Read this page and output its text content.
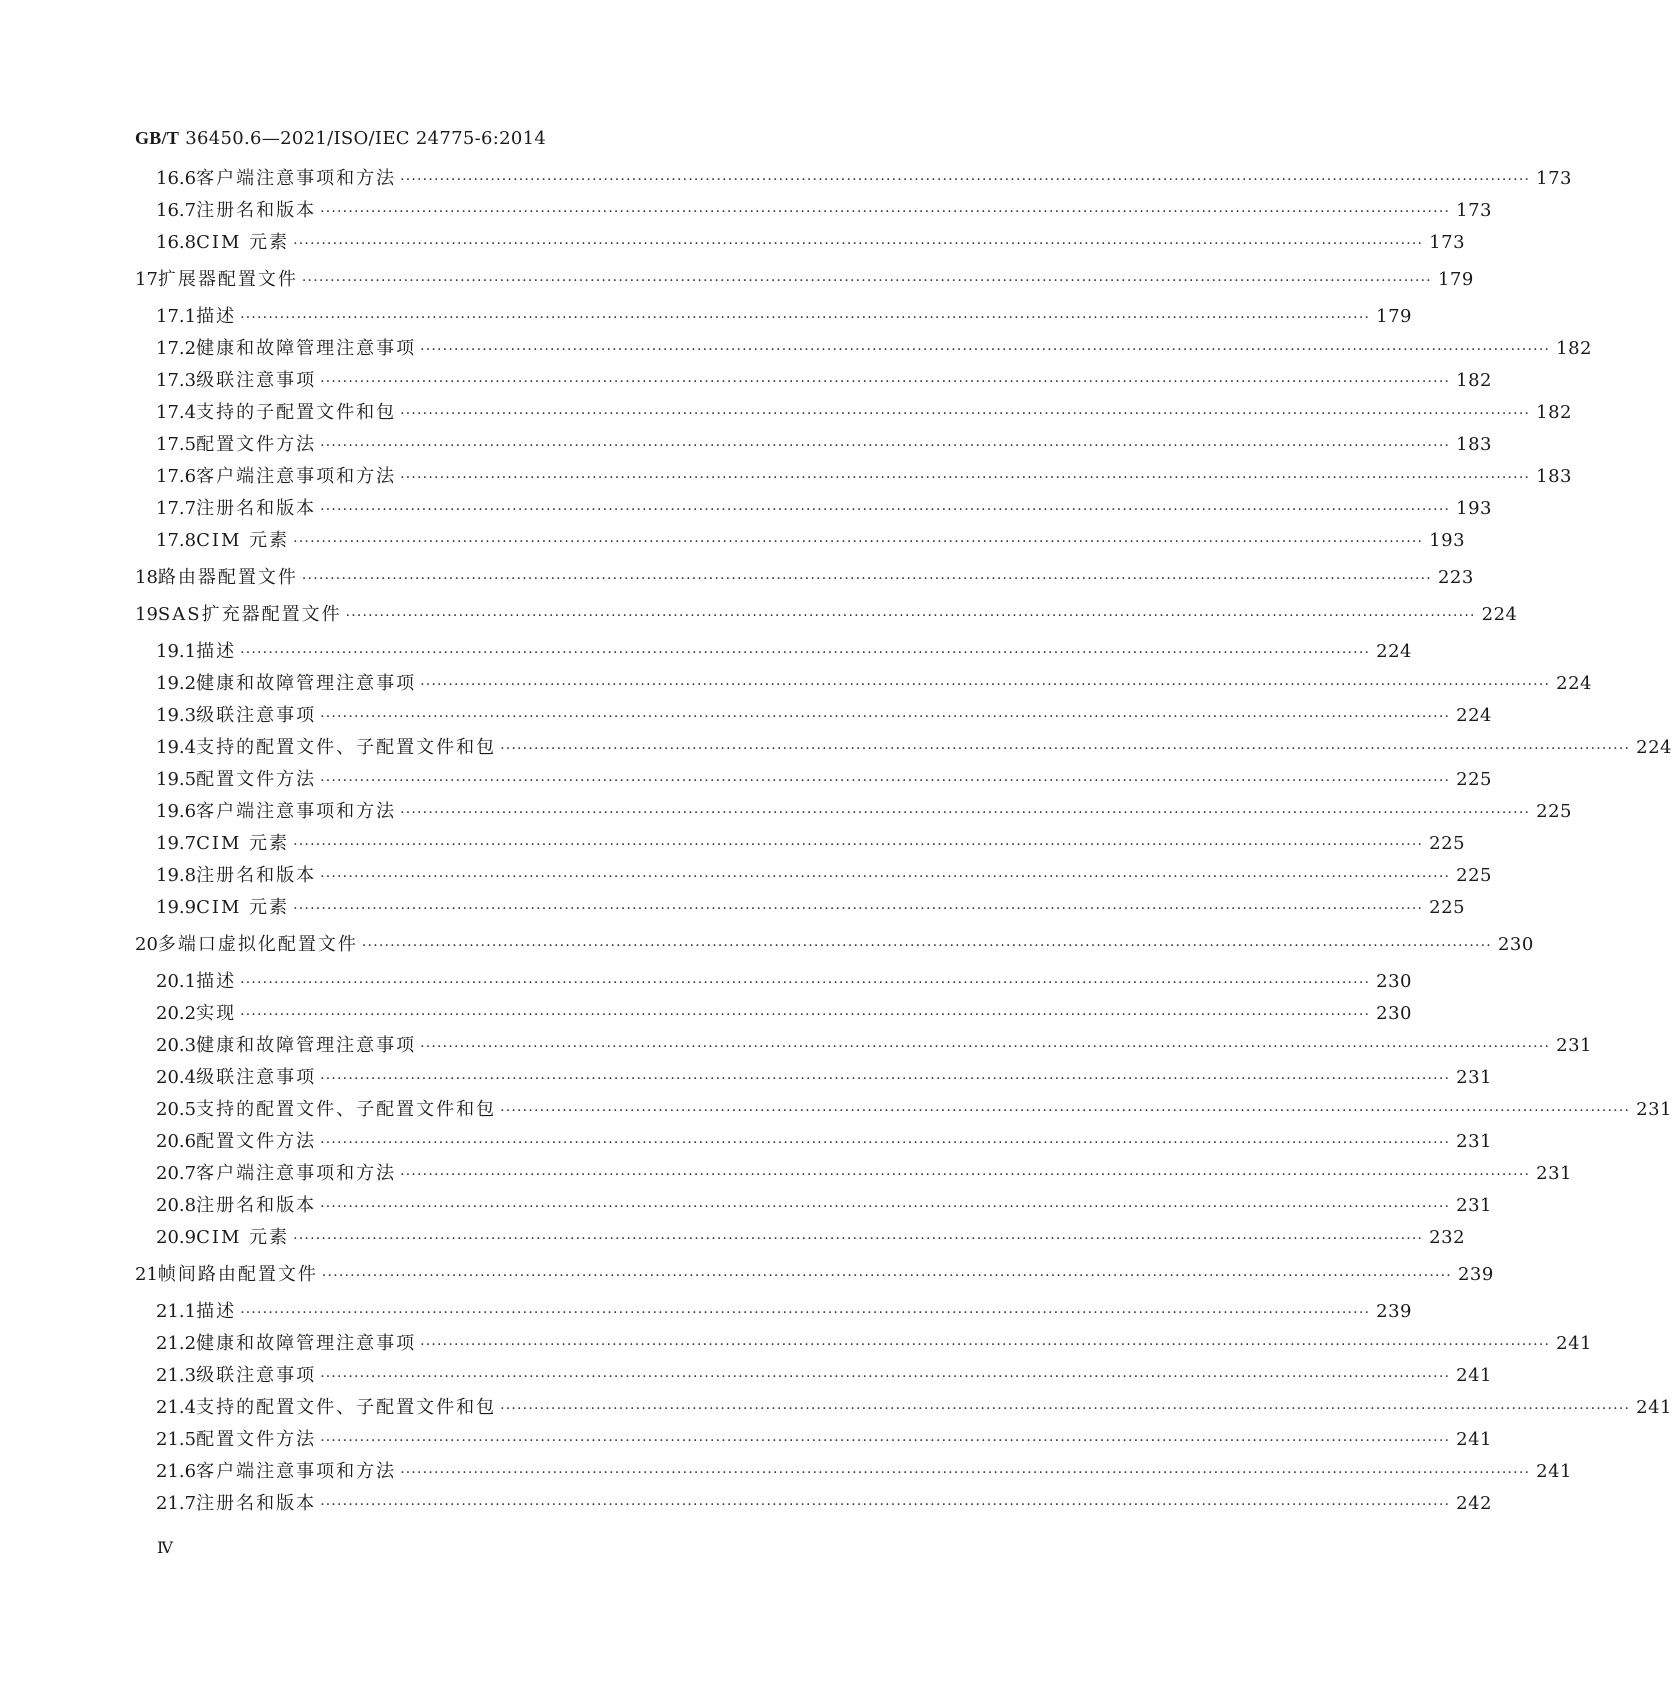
GB/T 36450.6—2021/ISO/IEC 24775-6:2014
16.6 客户端注意事项和方法 ········································································································································································································ 173
16.7 注册名和版本 ········································································································································································································ 173
16.8 CIM 元素 ········································································································································································································ 173
17 扩展器配置文件 ········································································································································································································ 179
17.1 描述 ········································································································································································································ 179
17.2 健康和故障管理注意事项 ········································································································································································································ 182
17.3 级联注意事项 ········································································································································································································ 182
17.4 支持的子配置文件和包 ········································································································································································································ 182
17.5 配置文件方法 ········································································································································································································ 183
17.6 客户端注意事项和方法 ········································································································································································································ 183
17.7 注册名和版本 ········································································································································································································ 193
17.8 CIM 元素 ········································································································································································································ 193
18 路由器配置文件 ········································································································································································································ 223
19 SAS扩充器配置文件 ········································································································································································································ 224
19.1 描述 ········································································································································································································ 224
19.2 健康和故障管理注意事项 ········································································································································································································ 224
19.3 级联注意事项 ········································································································································································································ 224
19.4 支持的配置文件、子配置文件和包 ········································································································································································································ 224
19.5 配置文件方法 ········································································································································································································ 225
19.6 客户端注意事项和方法 ········································································································································································································ 225
19.7 CIM 元素 ········································································································································································································ 225
19.8 注册名和版本 ········································································································································································································ 225
19.9 CIM 元素 ········································································································································································································ 225
20 多端口虚拟化配置文件 ········································································································································································································ 230
20.1 描述 ········································································································································································································ 230
20.2 实现 ········································································································································································································ 230
20.3 健康和故障管理注意事项 ········································································································································································································ 231
20.4 级联注意事项 ········································································································································································································ 231
20.5 支持的配置文件、子配置文件和包 ········································································································································································································ 231
20.6 配置文件方法 ········································································································································································································ 231
20.7 客户端注意事项和方法 ········································································································································································································ 231
20.8 注册名和版本 ········································································································································································································ 231
20.9 CIM 元素 ········································································································································································································ 232
21 帧间路由配置文件 ········································································································································································································ 239
21.1 描述 ········································································································································································································ 239
21.2 健康和故障管理注意事项 ········································································································································································································ 241
21.3 级联注意事项 ········································································································································································································ 241
21.4 支持的配置文件、子配置文件和包 ········································································································································································································ 241
21.5 配置文件方法 ········································································································································································································ 241
21.6 客户端注意事项和方法 ········································································································································································································ 241
21.7 注册名和版本 ········································································································································································································ 242
Ⅳ
